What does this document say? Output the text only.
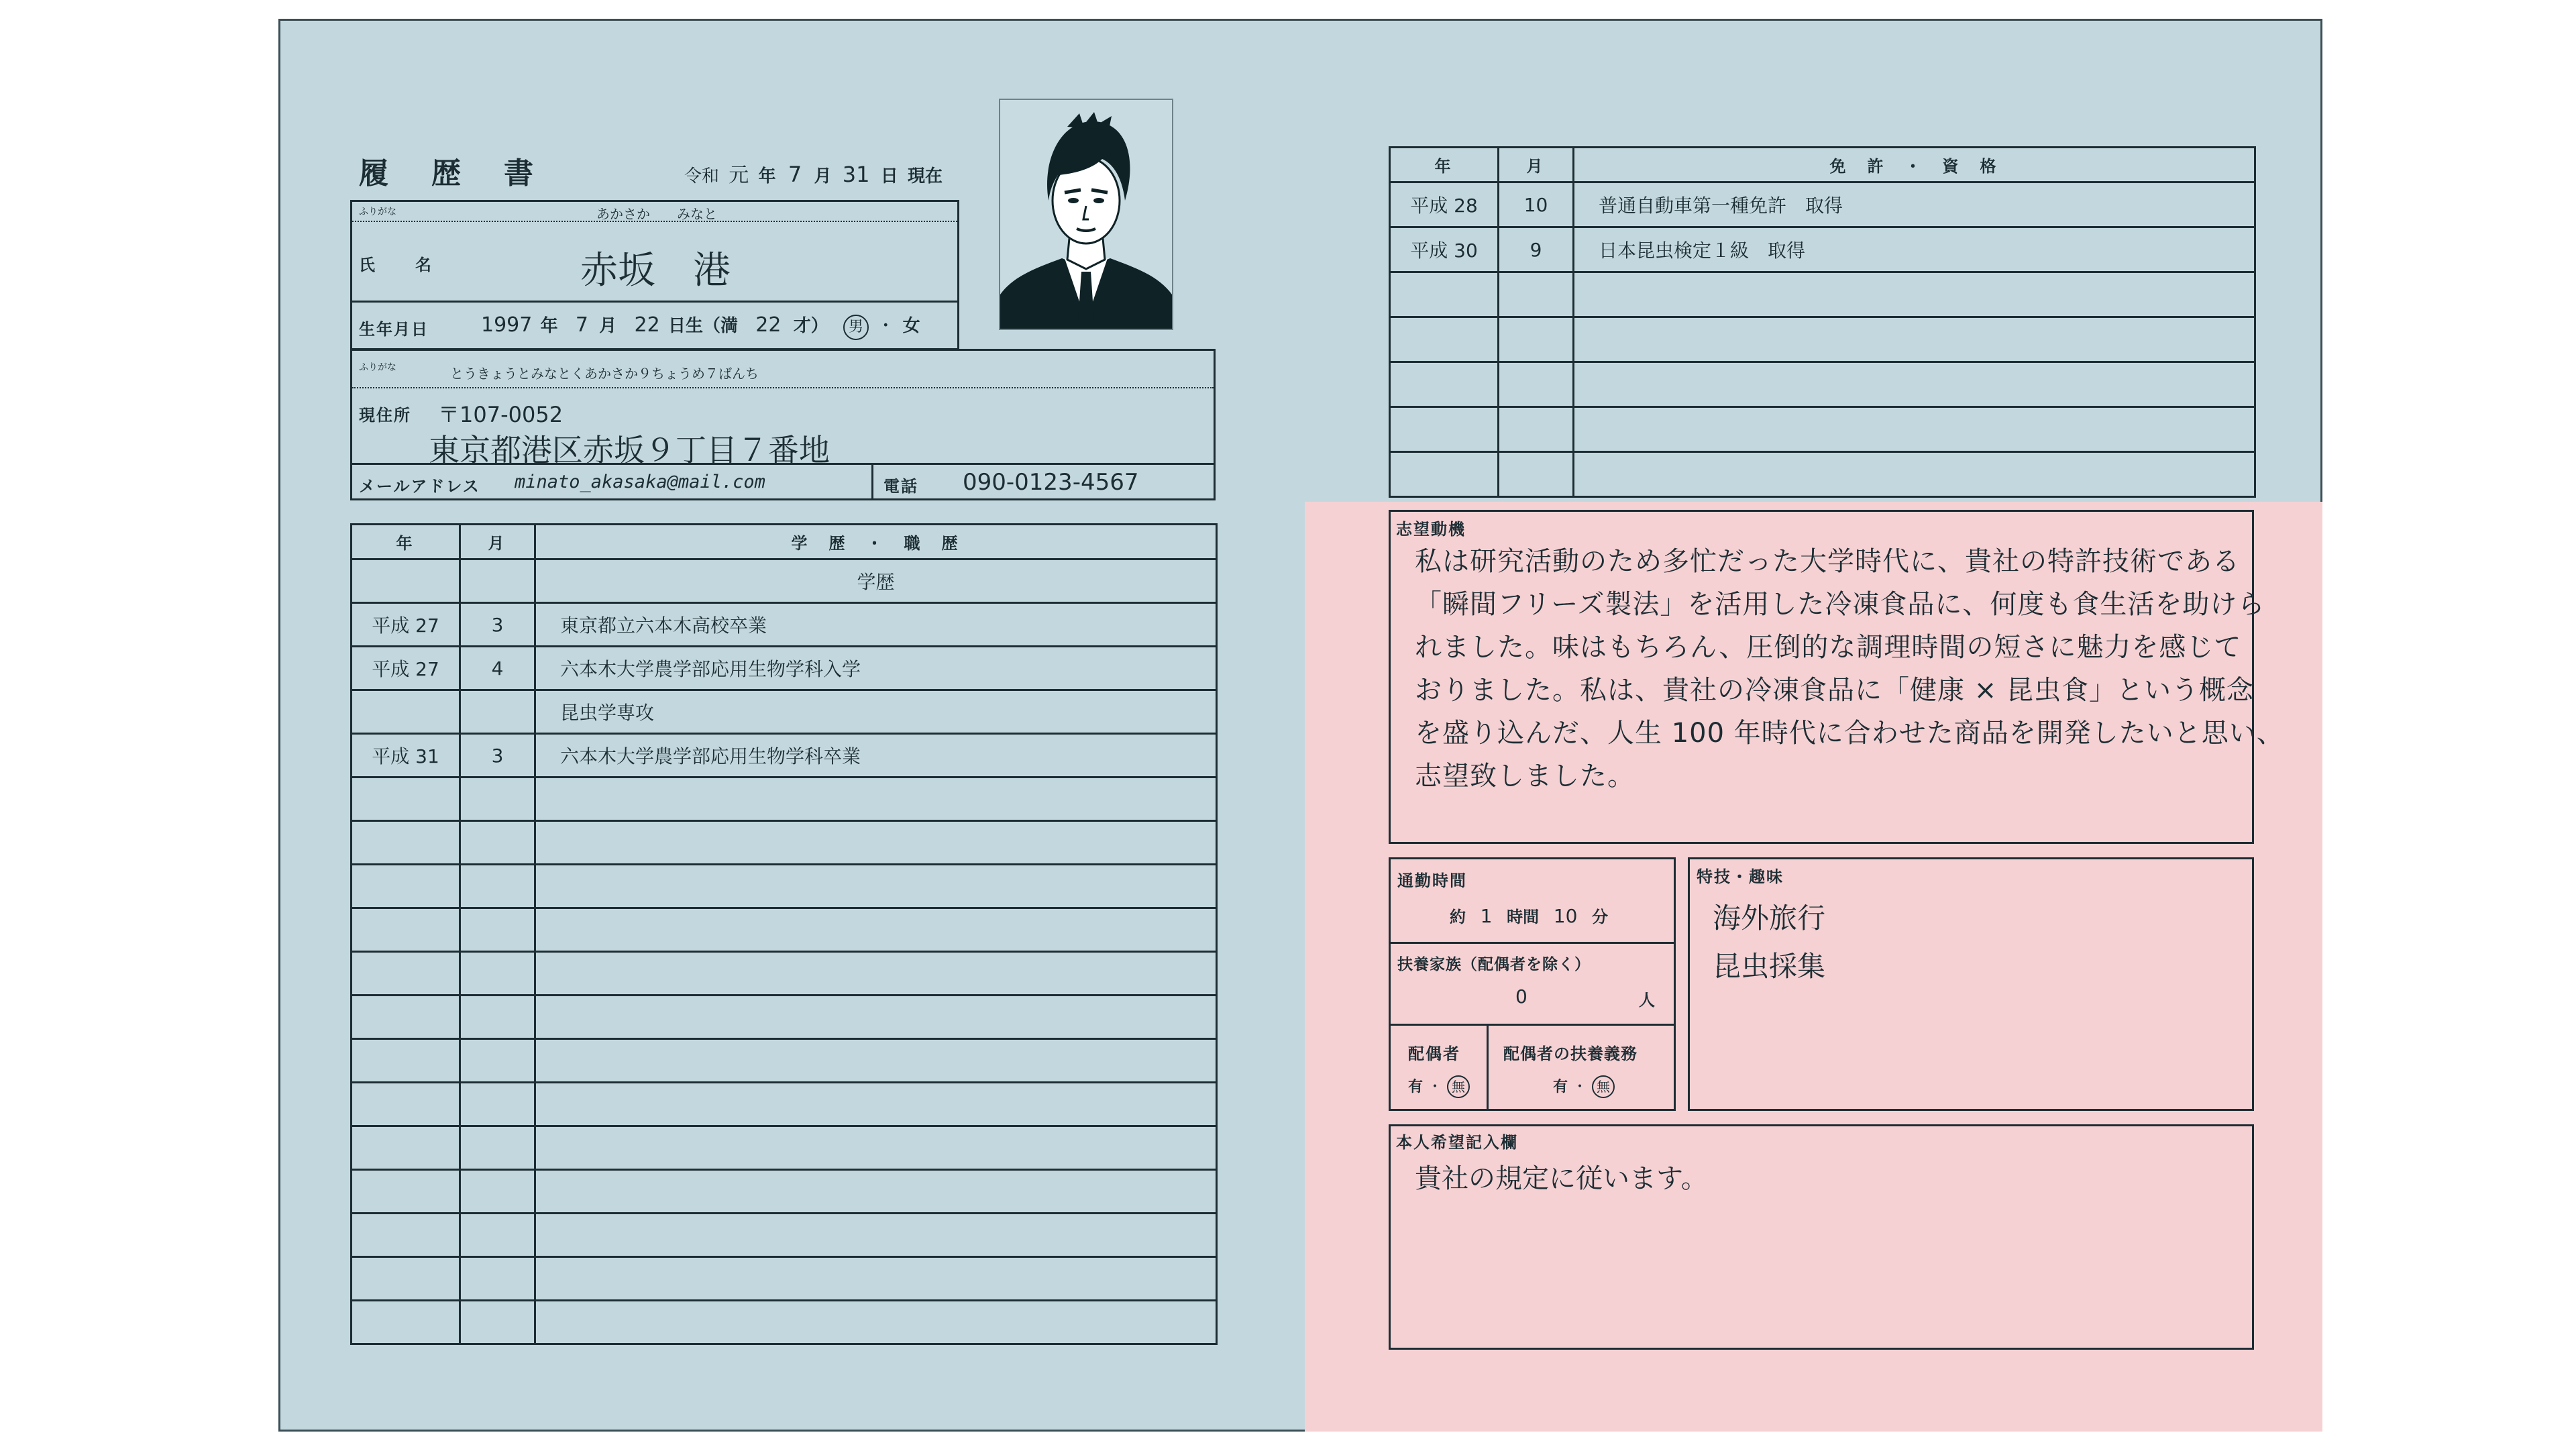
履　歴　書	令和 元 年 7 月 31 日 現在
ふりがな	あかさか　　みなと
氏　　名	赤坂　港
生年月日	1997 年 7 月 22 日生（満 22 才） 男 ・ 女
ふりがな	とうきょうとみなとくあかさか９ちょうめ７ばんち
現住所 〒107-0052
東京都港区赤坂９丁目７番地
メールアドレス minato_akasaka@mail.com	電話 090-0123-4567
年	月	学　歴　・　職　歴
		学歴
平成 27	3	東京都立六本木高校卒業
平成 27	4	六本木大学農学部応用生物学科入学
		昆虫学専攻
平成 31	3	六本木大学農学部応用生物学科卒業

年	月	免　許　・　資　格
平成 28	10	普通自動車第一種免許　取得
平成 30	9	日本昆虫検定１級　取得

志望動機
私は研究活動のため多忙だった大学時代に、貴社の特許技術である
「瞬間フリーズ製法」を活用した冷凍食品に、何度も食生活を助けら
れました。味はもちろん、圧倒的な調理時間の短さに魅力を感じて
おりました。私は、貴社の冷凍食品に「健康 × 昆虫食」という概念
を盛り込んだ、人生 100 年時代に合わせた商品を開発したいと思い、
志望致しました。
通勤時間
約 1 時間 10 分
扶養家族（配偶者を除く）
0	人
配偶者
有 ・ 無
配偶者の扶養義務
有 ・ 無
特技・趣味
海外旅行
昆虫採集
本人希望記入欄
貴社の規定に従います。
